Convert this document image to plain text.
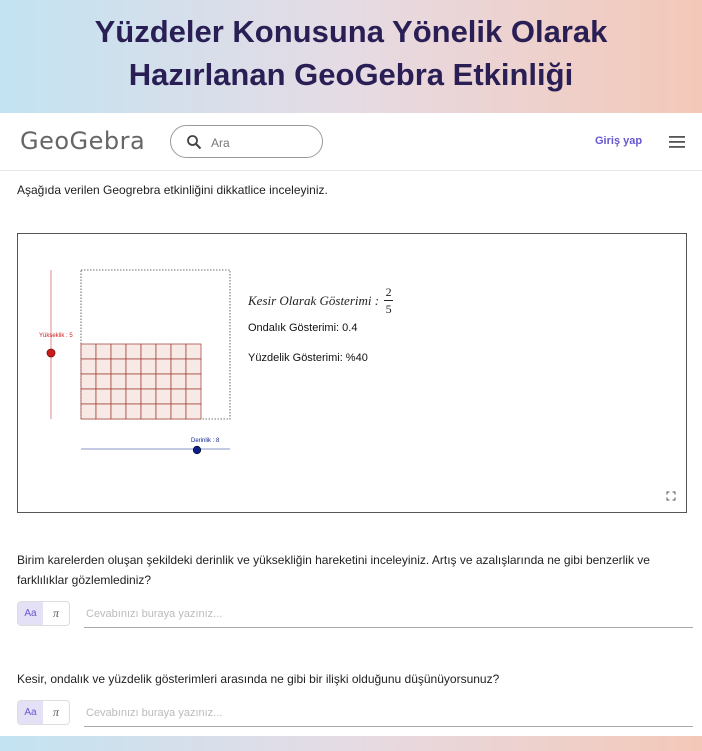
Yüzdeler Konusuna Yönelik Olarak
Hazırlanan GeoGebra Etkinliği
GeoGebra
Ara	Giriş yap
Aşağıda verilen Geogrebra etkinliğini dikkatlice inceleyiniz.
Yükseklik : 5
Derinlik : 8
Kesir Olarak Gösterimi : $\frac{2}{5}$
Ondalık Gösterimi: 0.4
Yüzdelik Gösterimi: %40
Birim karelerden oluşan şekildeki derinlik ve yüksekliğin hareketini inceleyiniz. Artış ve azalışlarında ne gibi benzerlik ve farklılıklar gözlemlediniz?
Aa	π
Cevabınızı buraya yazınız...
Kesir, ondalık ve yüzdelik gösterimleri arasında ne gibi bir ilişki olduğunu düşünüyorsunuz?
Aa	π
Cevabınızı buraya yazınız...
